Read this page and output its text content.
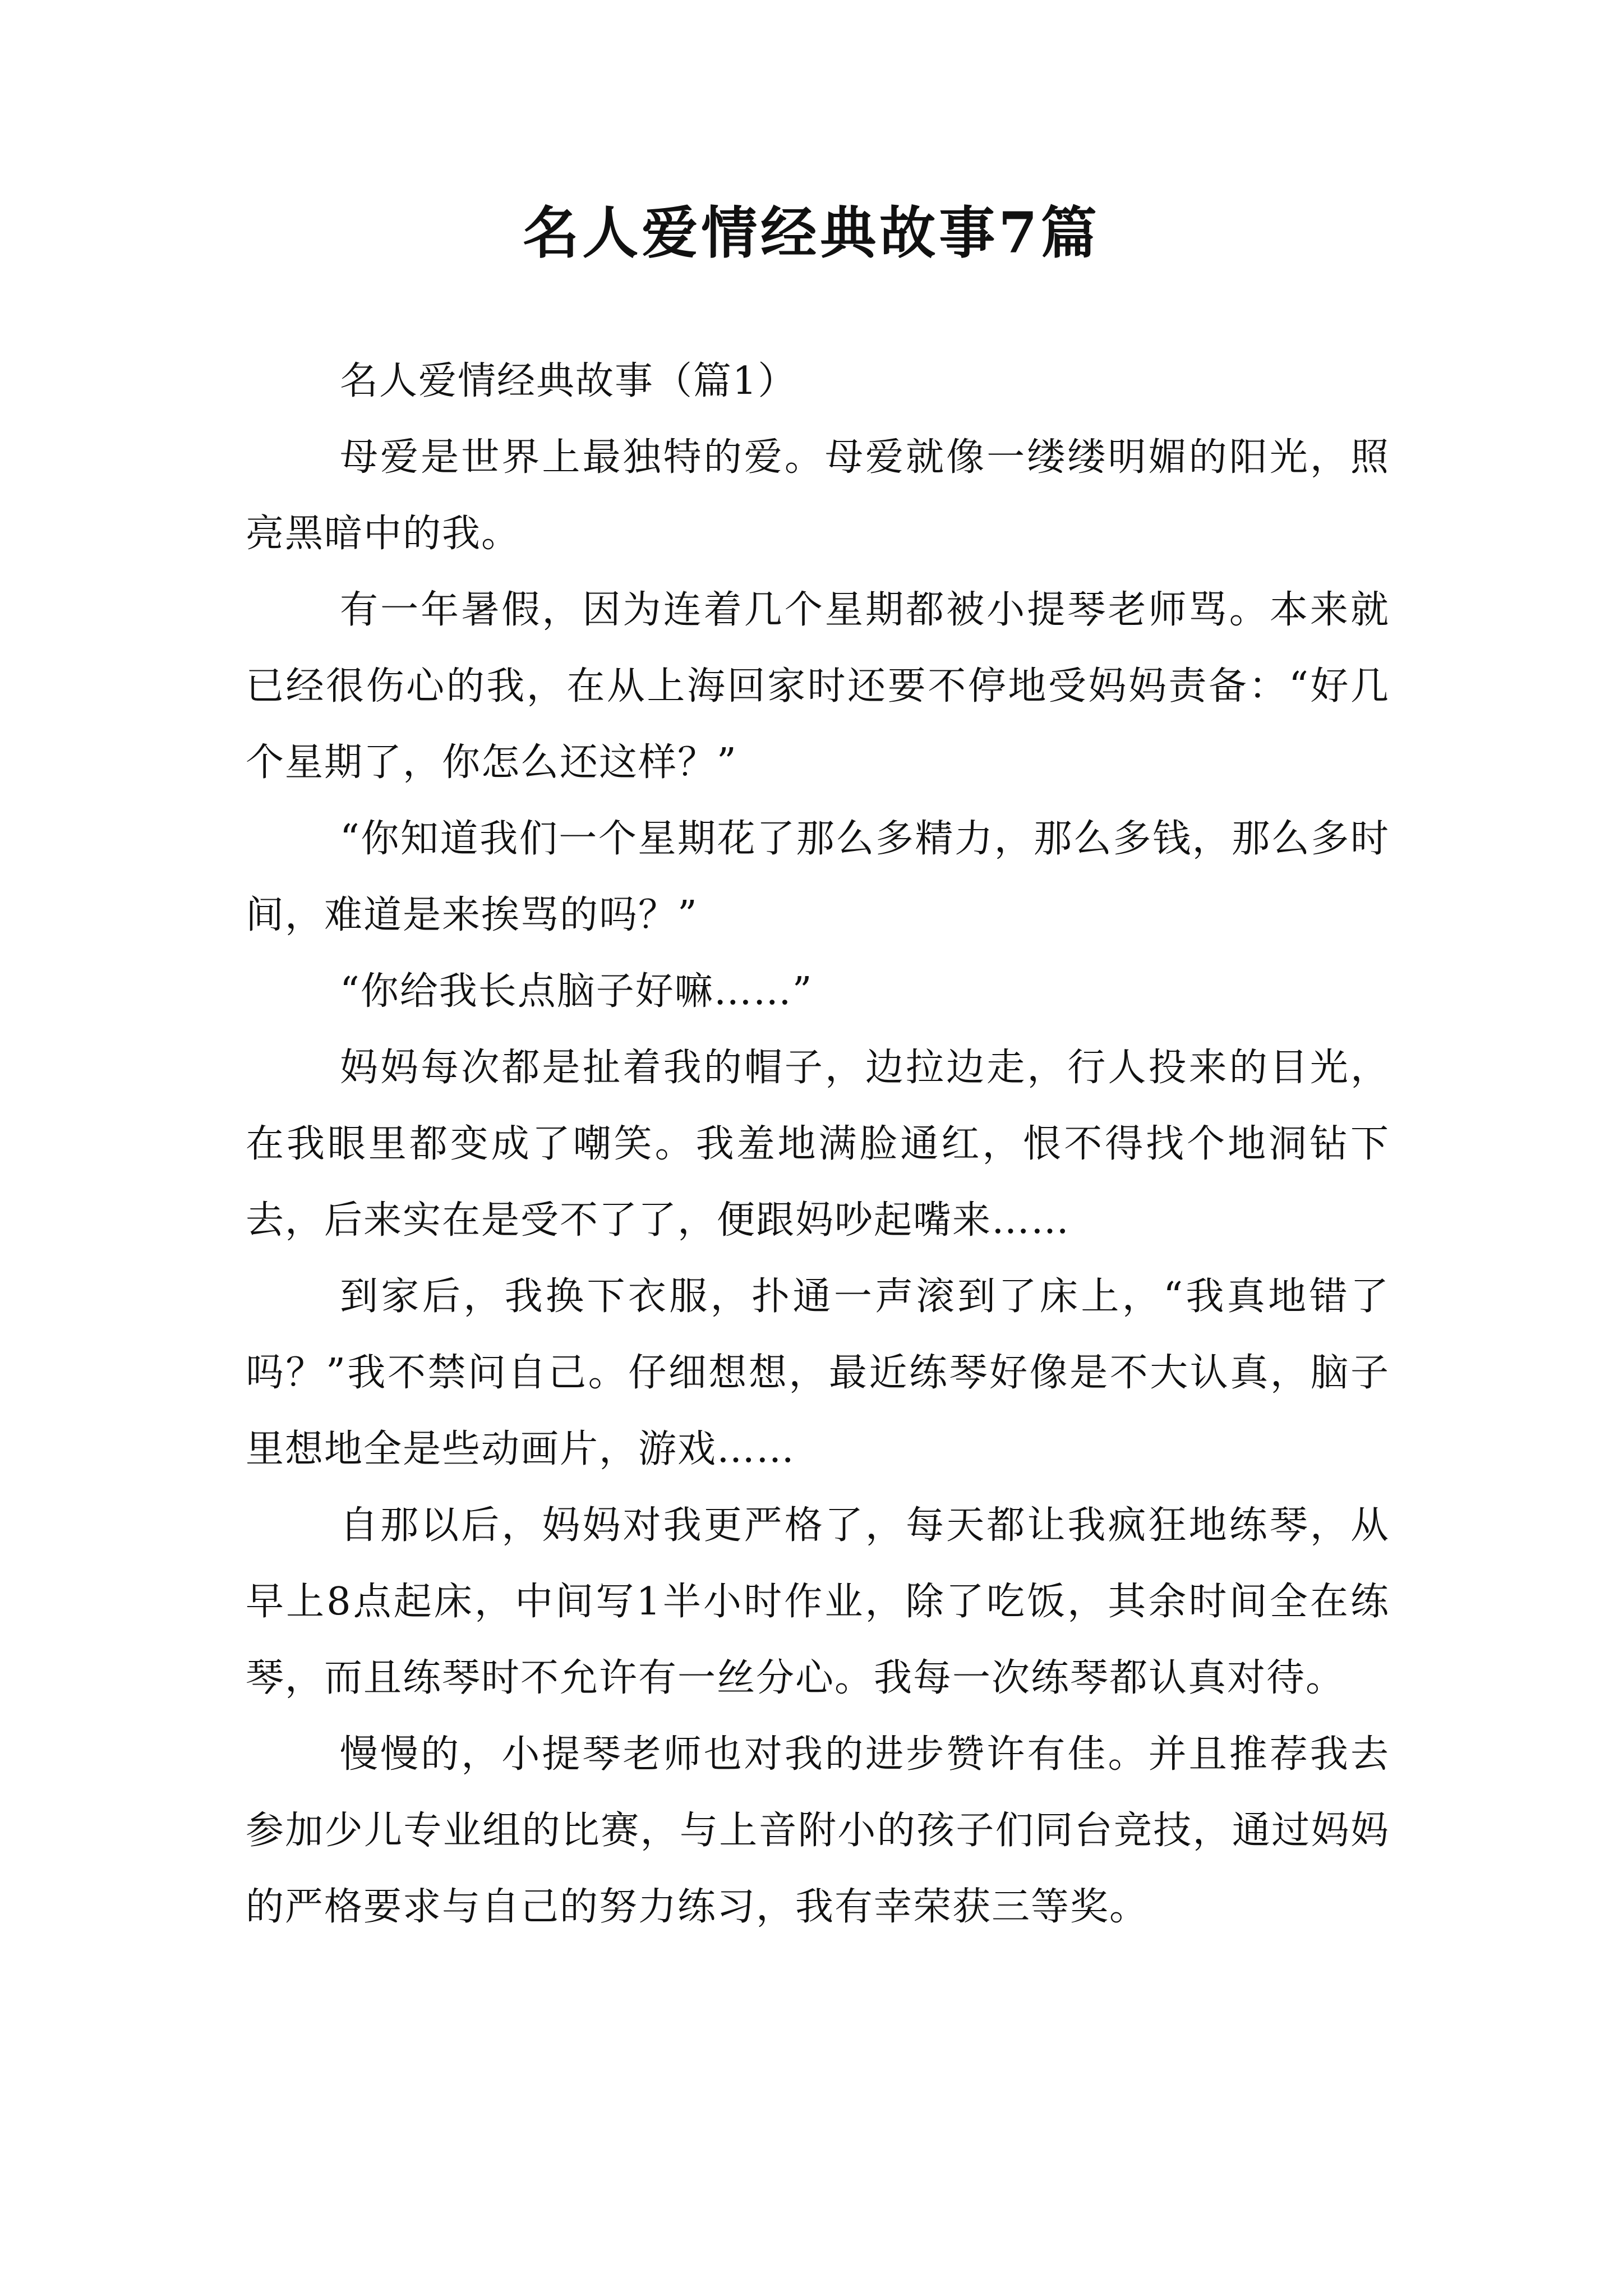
名人爱情经典故事7篇

名人爱情经典故事（篇1）

母爱是世界上最独特的爱。母爱就像一缕缕明媚的阳光，照亮黑暗中的我。

有一年暑假，因为连着几个星期都被小提琴老师骂。本来就已经很伤心的我，在从上海回家时还要不停地受妈妈责备：“好几个星期了，你怎么还这样？”

“你知道我们一个星期花了那么多精力，那么多钱，那么多时间，难道是来挨骂的吗？”

“你给我长点脑子好嘛……”

妈妈每次都是扯着我的帽子，边拉边走，行人投来的目光，在我眼里都变成了嘲笑。我羞地满脸通红，恨不得找个地洞钻下去，后来实在是受不了了，便跟妈吵起嘴来……

到家后，我换下衣服，扑通一声滚到了床上，“我真地错了吗？”我不禁问自己。仔细想想，最近练琴好像是不大认真，脑子里想地全是些动画片，游戏……

自那以后，妈妈对我更严格了，每天都让我疯狂地练琴，从早上8点起床，中间写1半小时作业，除了吃饭，其余时间全在练琴，而且练琴时不允许有一丝分心。我每一次练琴都认真对待。

慢慢的，小提琴老师也对我的进步赞许有佳。并且推荐我去参加少儿专业组的比赛，与上音附小的孩子们同台竞技，通过妈妈的严格要求与自己的努力练习，我有幸荣获三等奖。
